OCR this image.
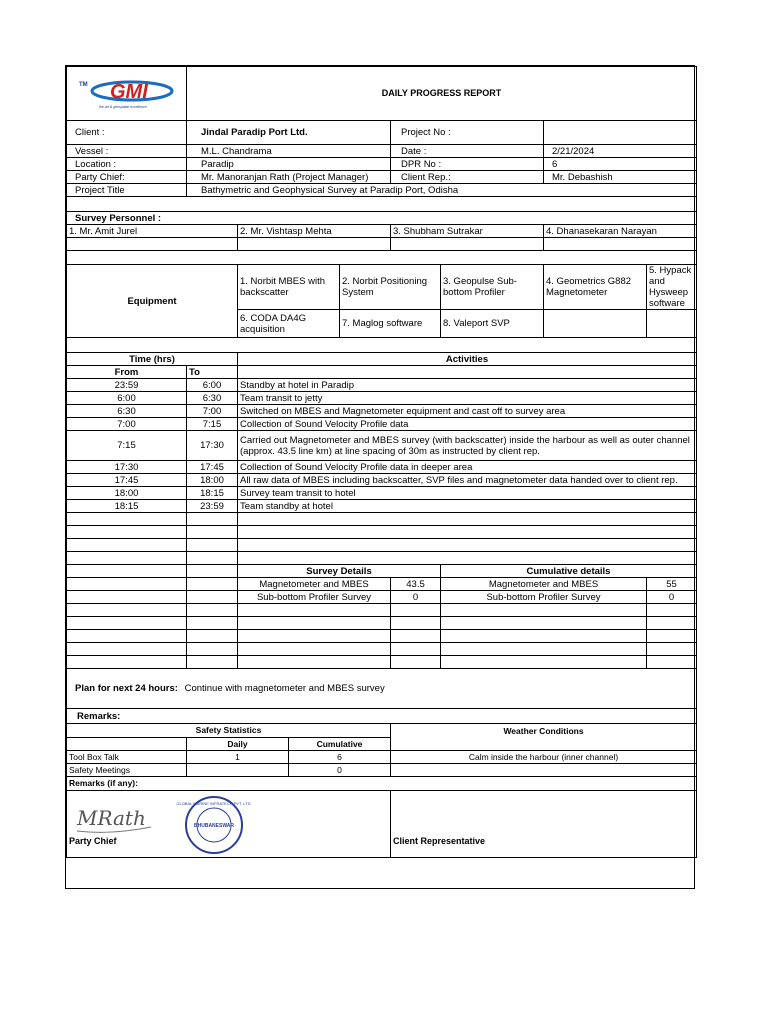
GMI
TM
the art & geospatial excellence	DAILY PROGRESS REPORT							
Client :	Jindal Paradip Port Ltd.				Project No :			
Vessel :	M.L. Chandrama				Date :		2/21/2024	
Location :	Paradip				DPR No :		6	
Party Chief:	Mr. Manoranjan Rath (Project Manager)				Client Rep.:		Mr. Debashish	
Project Title	Bathymetric and Geophysical Survey at Paradip Port, Odisha							

Survey Personnel :								
1. Mr. Amit Jurel		2. Mr. Vishtasp Mehta			3. Shubham Sutrakar		4. Dhanasekaran Narayan	

Equipment		1. Norbit MBES with backscatter		2. Norbit Positioning System		3. Geopulse Sub-bottom Profiler	4. Geometrics G882 Magnetometer	5. Hypack and Hysweep software
		6. CODA DA4G acquisition		7. Maglog software		8. Valeport SVP		

Time (hrs)		Activities						
From	To							
23:59	6:00	Standby at hotel in Paradip						
6:00	6:30	Team transit to jetty						
6:30	7:00	Switched on MBES and Magnetometer equipment and cast off to survey area						
7:00	7:15	Collection of Sound Velocity Profile data						
7:15	17:30	Carried out Magnetometer and MBES survey (with backscatter) inside the harbour as well as outer channel (approx. 43.5 line km) at line spacing of 30m as instructed by client rep.						
17:30	17:45	Collection of Sound Velocity Profile data in deeper area						
17:45	18:00	All raw data of MBES including backscatter, SVP files and magnetometer data handed over to client rep.						
18:00	18:15	Survey team transit to hotel						
18:15	23:59	Team standby at hotel						

		Survey Details				Cumulative details		
		Magnetometer and MBES			43.5	Magnetometer and MBES		55
		Sub-bottom Profiler Survey			0	Sub-bottom Profiler Survey		0

Plan for next 24 hours: Continue with magnetometer and MBES survey								
Remarks:								
Safety Statistics					Weather Conditions			
	Daily		Cumulative					
Tool Box Talk	1		6		Calm inside the harbour (inner channel)			
Safety Meetings			0					
Remarks (if any):								

MRath
GLOBAL MARINE INFRATECH PVT. LTD.
BHUBANESWAR
Party Chief					Client Representative			
